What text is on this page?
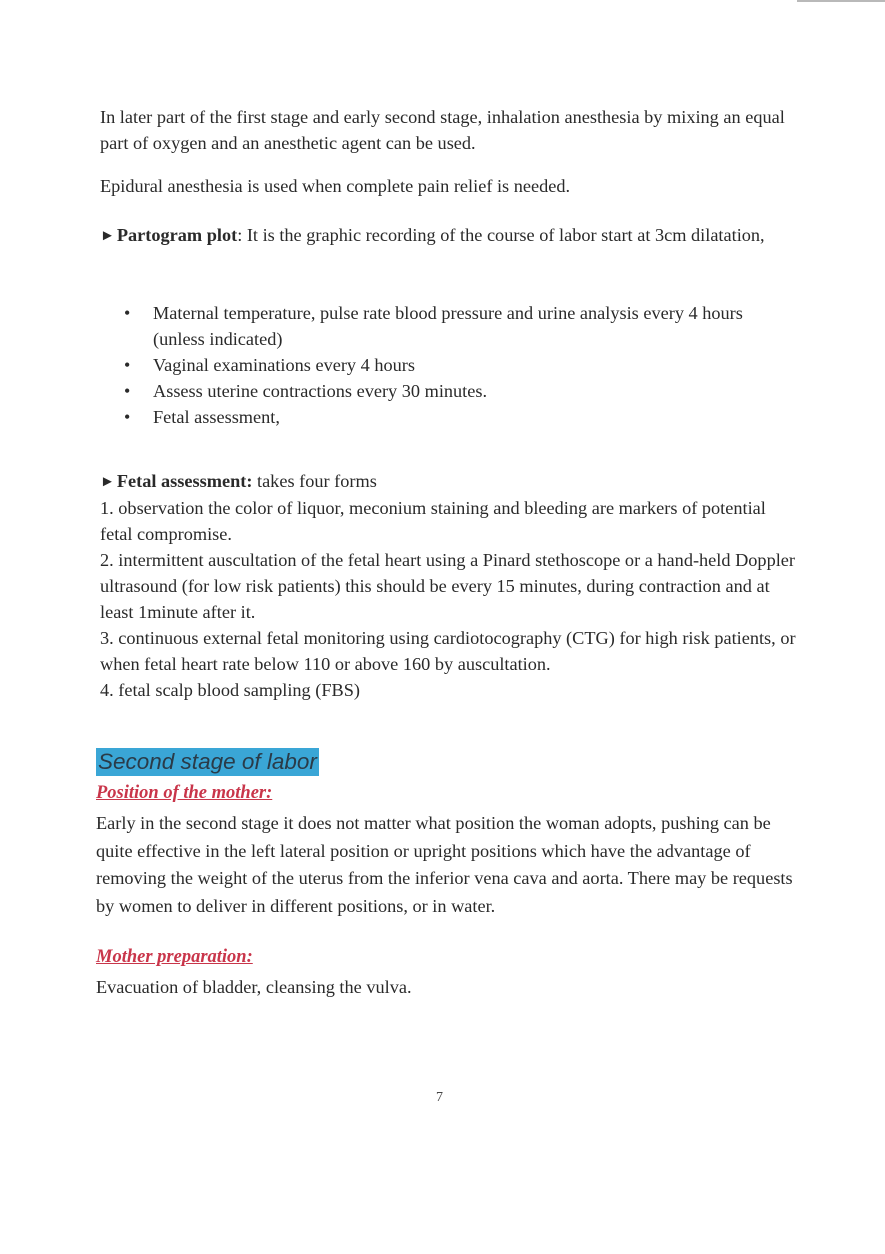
In later part of the first stage and early second stage, inhalation anesthesia by mixing an equal part of oxygen and an anesthetic agent can be used.

Epidural anesthesia is used when complete pain relief is needed.

► Partogram plot: It is the graphic recording of the course of labor start at 3cm dilatation,

• Maternal temperature, pulse rate blood pressure and urine analysis every 4 hours (unless indicated)
• Vaginal examinations every 4 hours
• Assess uterine contractions every 30 minutes.
• Fetal assessment,
► Fetal assessment: takes four forms
1. observation the color of liquor, meconium staining and bleeding are markers of potential fetal compromise.
2. intermittent auscultation of the fetal heart using a Pinard stethoscope or a hand-held Doppler ultrasound (for low risk patients) this should be every 15 minutes, during contraction and at least 1minute after it.
3. continuous external fetal monitoring using cardiotocography (CTG) for high risk patients, or when fetal heart rate below 110 or above 160 by auscultation.
4. fetal scalp blood sampling (FBS)
Second stage of labor
Position of the mother:

Early in the second stage it does not matter what position the woman adopts, pushing can be quite effective in the left lateral position or upright positions which have the advantage of removing the weight of the uterus from the inferior vena cava and aorta. There may be requests by women to deliver in different positions, or in water.

Mother preparation:

Evacuation of bladder, cleansing the vulva.

7
